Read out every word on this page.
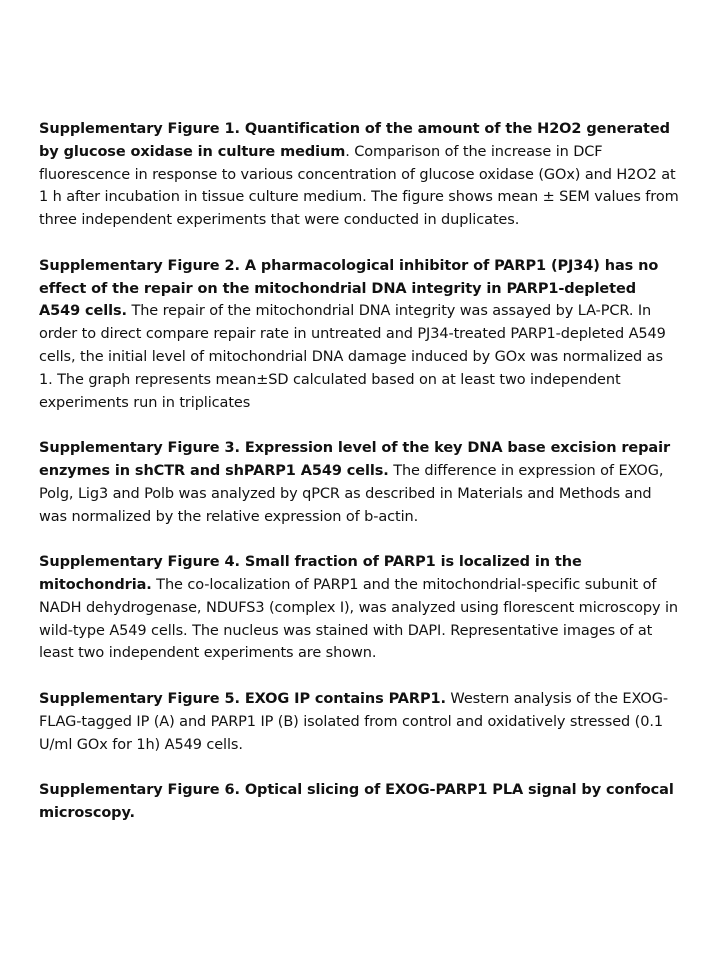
Supplementary Figure 1. Quantification of the amount of the H2O2 generated by glucose oxidase in culture medium. Comparison of the increase in DCF fluorescence in response to various concentration of glucose oxidase (GOx) and H2O2 at 1 h after incubation in tissue culture medium. The figure shows mean ± SEM values from three independent experiments that were conducted in duplicates.

Supplementary Figure 2. A pharmacological inhibitor of PARP1 (PJ34) has no effect of the repair on the mitochondrial DNA integrity in PARP1-depleted A549 cells. The repair of the mitochondrial DNA integrity was assayed by LA-PCR. In order to direct compare repair rate in untreated and PJ34-treated PARP1-depleted A549 cells, the initial level of mitochondrial DNA damage induced by GOx was normalized as 1. The graph represents mean±SD calculated based on at least two independent experiments run in triplicates

Supplementary Figure 3. Expression level of the key DNA base excision repair enzymes in shCTR and shPARP1 A549 cells. The difference in expression of EXOG, Polg, Lig3 and Polb was analyzed by qPCR as described in Materials and Methods and was normalized by the relative expression of b-actin.

Supplementary Figure 4. Small fraction of PARP1 is localized in the mitochondria. The co-localization of PARP1 and the mitochondrial-specific subunit of NADH dehydrogenase, NDUFS3 (complex I), was analyzed using florescent microscopy in wild-type A549 cells. The nucleus was stained with DAPI. Representative images of at least two independent experiments are shown.

Supplementary Figure 5. EXOG IP contains PARP1. Western analysis of the EXOG-FLAG-tagged IP (A) and PARP1 IP (B) isolated from control and oxidatively stressed (0.1 U/ml GOx for 1h) A549 cells.

Supplementary Figure 6. Optical slicing of EXOG-PARP1 PLA signal by confocal microscopy.
